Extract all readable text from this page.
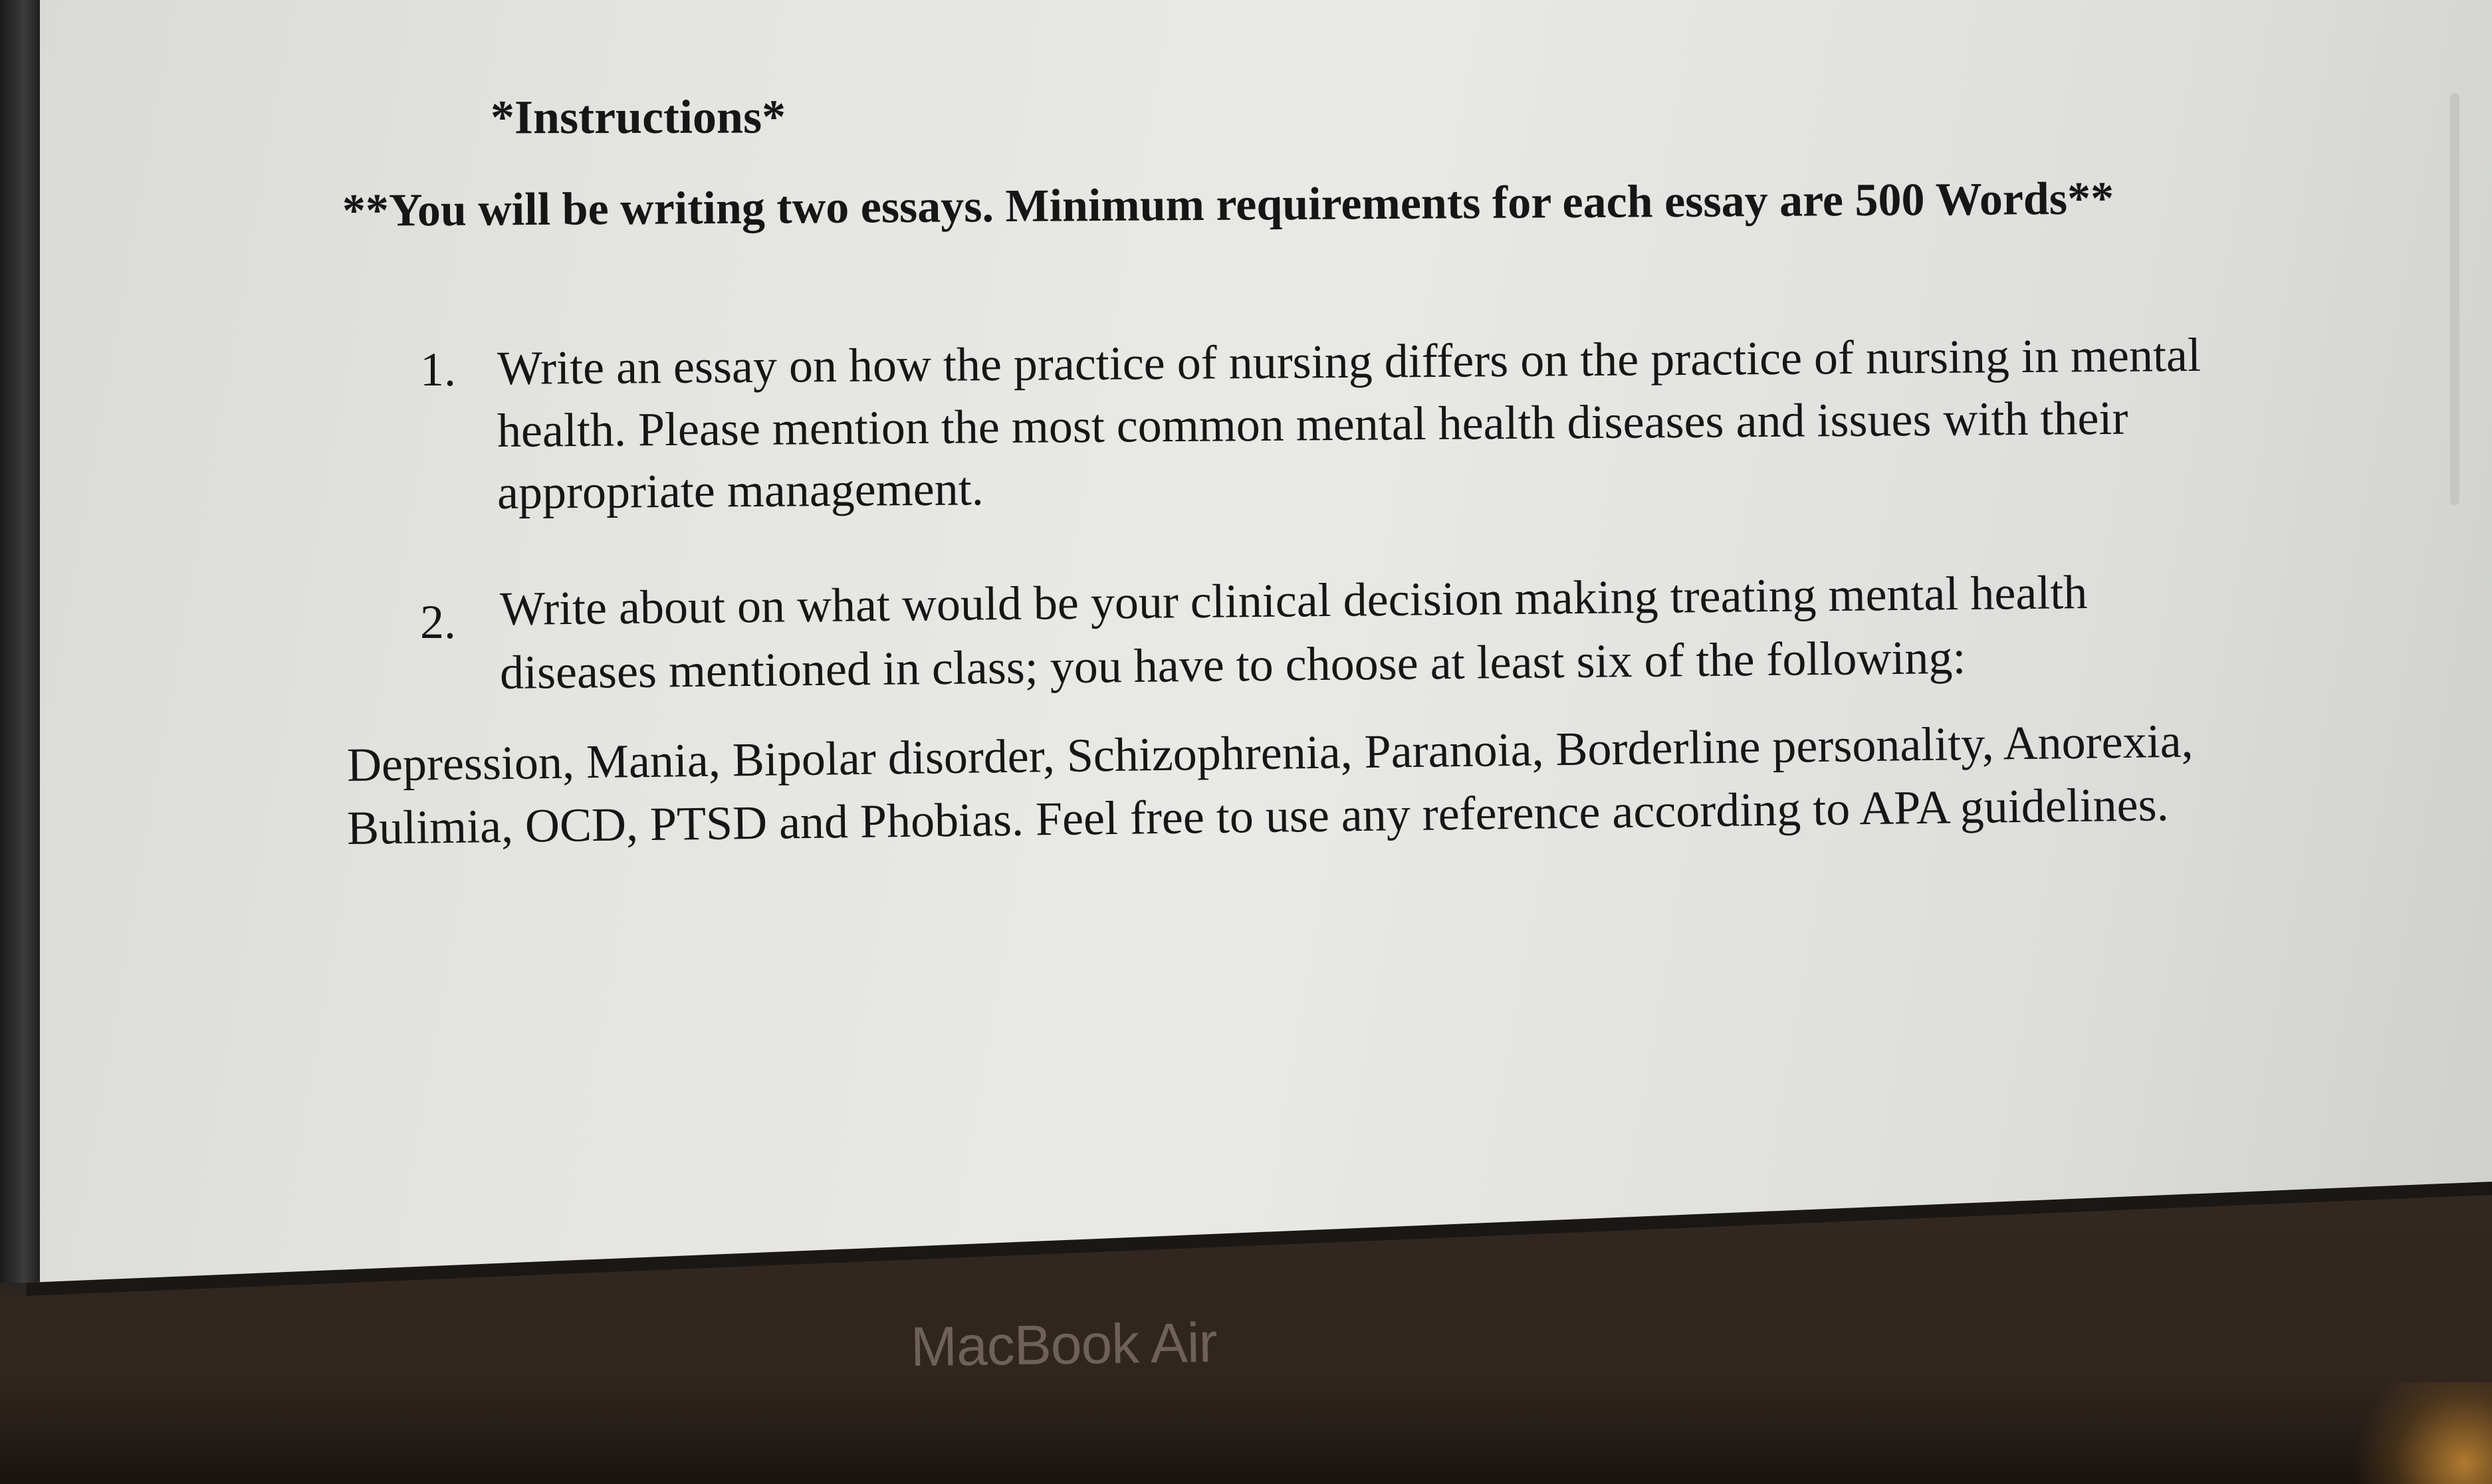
*Instructions*
**You will be writing two essays. Minimum requirements for each essay are 500 Words**
1. Write an essay on how the practice of nursing differs on the practice of nursing in mental
health. Please mention the most common mental health diseases and issues with their
appropriate management.
2. Write about on what would be your clinical decision making treating mental health
diseases mentioned in class; you have to choose at least six of the following:
Depression, Mania, Bipolar disorder, Schizophrenia, Paranoia, Borderline personality, Anorexia,
Bulimia, OCD, PTSD and Phobias. Feel free to use any reference according to APA guidelines.
MacBook Air
